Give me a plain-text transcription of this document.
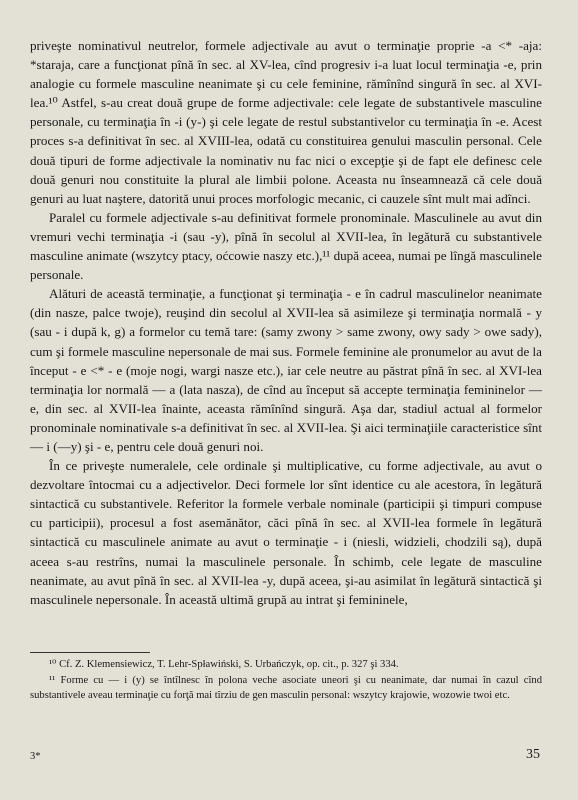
priveşte nominativul neutrelor, formele adjectivale au avut o terminaţie proprie -a <* -aja: *staraja, care a funcţionat pînă în sec. al XV-lea, cînd progresiv i-a luat locul terminaţia -e, prin analogie cu formele masculine neanimate şi cu cele feminine, rămînînd singură în sec. al XVI-lea.¹⁰ Astfel, s-au creat două grupe de forme adjectivale: cele legate de substantivele masculine personale, cu terminaţia în -i (y-) şi cele legate de restul substantivelor cu terminaţia în -e. Acest proces s-a definitivat în sec. al XVIII-lea, odată cu constituirea genului masculin personal. Cele două tipuri de forme adjectivale la nominativ nu fac nici o excepţie şi de fapt ele definesc cele două genuri nou constituite la plural ale limbii polone. Aceasta nu înseamnează că cele două genuri au luat naştere, datorită unui proces morfologic mecanic, ci cauzele sînt mult mai adînci.

Paralel cu formele adjectivale s-au definitivat formele pronominale. Masculinele au avut din vremuri vechi terminaţia -i (sau -y), pînă în secolul al XVII-lea, în legătură cu substantivele masculine animate (wszytcy ptacy, oćcowie naszy etc.),¹¹ după aceea, numai pe lîngă masculinele personale.

Alături de această terminaţie, a funcţionat şi terminaţia - e în cadrul masculinelor neanimate (din nasze, palce twoje), reuşind din secolul al XVII-lea să asimileze şi terminaţia normală - y (sau - i după k, g) a formelor cu temă tare: (samy zwony > same zwony, owy sady > owe sady), cum şi formele masculine nepersonale de mai sus. Formele feminine ale pronumelor au avut de la început - e <* - e (moje nogi, wargi nasze etc.), iar cele neutre au păstrat pînă în sec. al XVI-lea terminaţia lor normală — a (lata nasza), de cînd au început să accepte terminaţia femininelor — e, din sec. al XVII-lea înainte, aceasta rămînînd singură. Aşa dar, stadiul actual al formelor pronominale nominativale s-a definitivat în sec. al XVII-lea. Şi aici terminaţiile caracteristice sînt — i (—y) şi - e, pentru cele două genuri noi.

În ce priveşte numeralele, cele ordinale şi multiplicative, cu forme adjectivale, au avut o dezvoltare întocmai cu a adjectivelor. Deci formele lor sînt identice cu ale acestora, în legătură sintactică cu substantivele. Referitor la formele verbale nominale (participii şi timpuri compuse cu participii), procesul a fost asemănător, căci pînă în sec. al XVII-lea formele în legătură sintactică cu masculinele animate au avut o terminaţie - i (niesli, widzieli, chodzili są), după aceea s-au restrîns, numai la masculinele personale. În schimb, cele legate de masculine neanimate, au avut pînă în sec. al XVII-lea -y, după aceea, şi-au asimilat în legătură sintactică şi masculinele nepersonale. În această ultimă grupă au intrat şi femininele,

¹⁰ Cf. Z. Klemensiewicz, T. Lehr-Spławiński, S. Urbańczyk, op. cit., p. 327 şi 334.

¹¹ Forme cu — i (y) se întîlnesc în polona veche asociate uneori şi cu neanimate, dar numai în cazul cînd substantivele aveau terminaţie cu forţă mai tîrziu de gen masculin personal: wszytcy krajowie, wozowie twoi etc.

3*	35
